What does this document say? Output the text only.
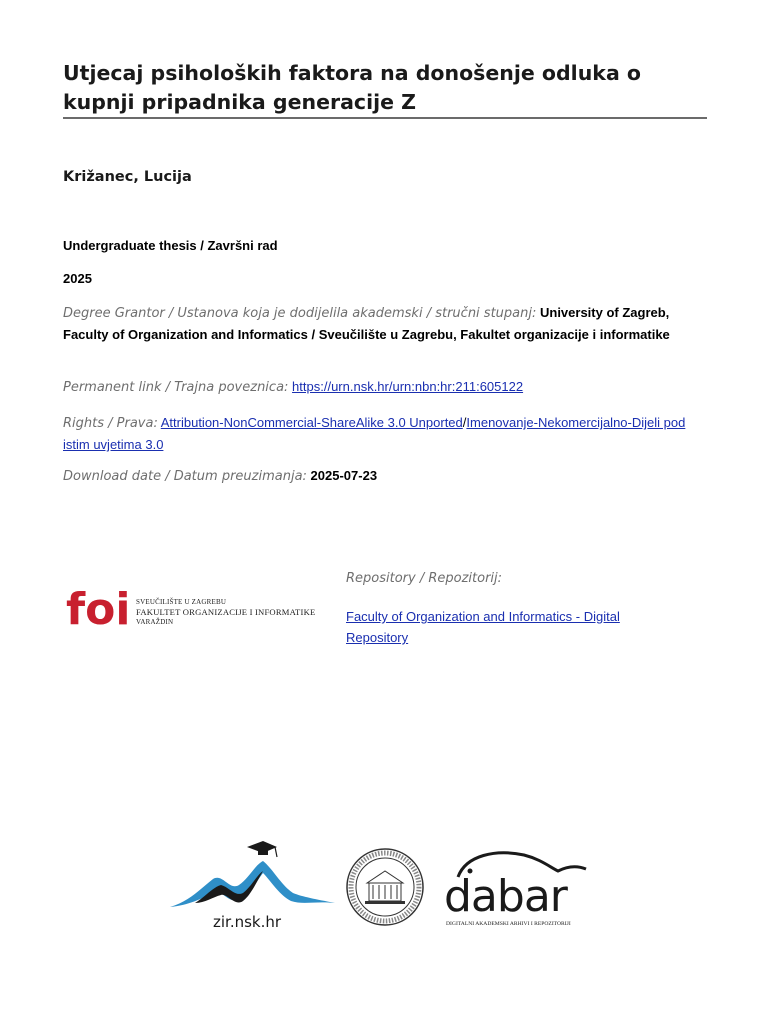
Utjecaj psiholoških faktora na donošenje odluka o kupnji pripadnika generacije Z
Križanec, Lucija
Undergraduate thesis / Završni rad
2025
Degree Grantor / Ustanova koja je dodijelila akademski / stručni stupanj: University of Zagreb, Faculty of Organization and Informatics / Sveučilište u Zagrebu, Fakultet organizacije i informatike
Permanent link / Trajna poveznica: https://urn.nsk.hr/urn:nbn:hr:211:605122
Rights / Prava: Attribution-NonCommercial-ShareAlike 3.0 Unported/Imenovanje-Nekomercijalno-Dijeli pod istim uvjetima 3.0
Download date / Datum preuzimanja: 2025-07-23
Repository / Repozitorij:
Faculty of Organization and Informatics - Digital Repository
foi SVEUČILIŠTE U ZAGREBU
FAKULTET ORGANIZACIJE I INFORMATIKE
VARAŽDIN
zir.nsk.hr	dabar
DIGITALNI AKADEMSKI ARHIVI I REPOZITORIJI
